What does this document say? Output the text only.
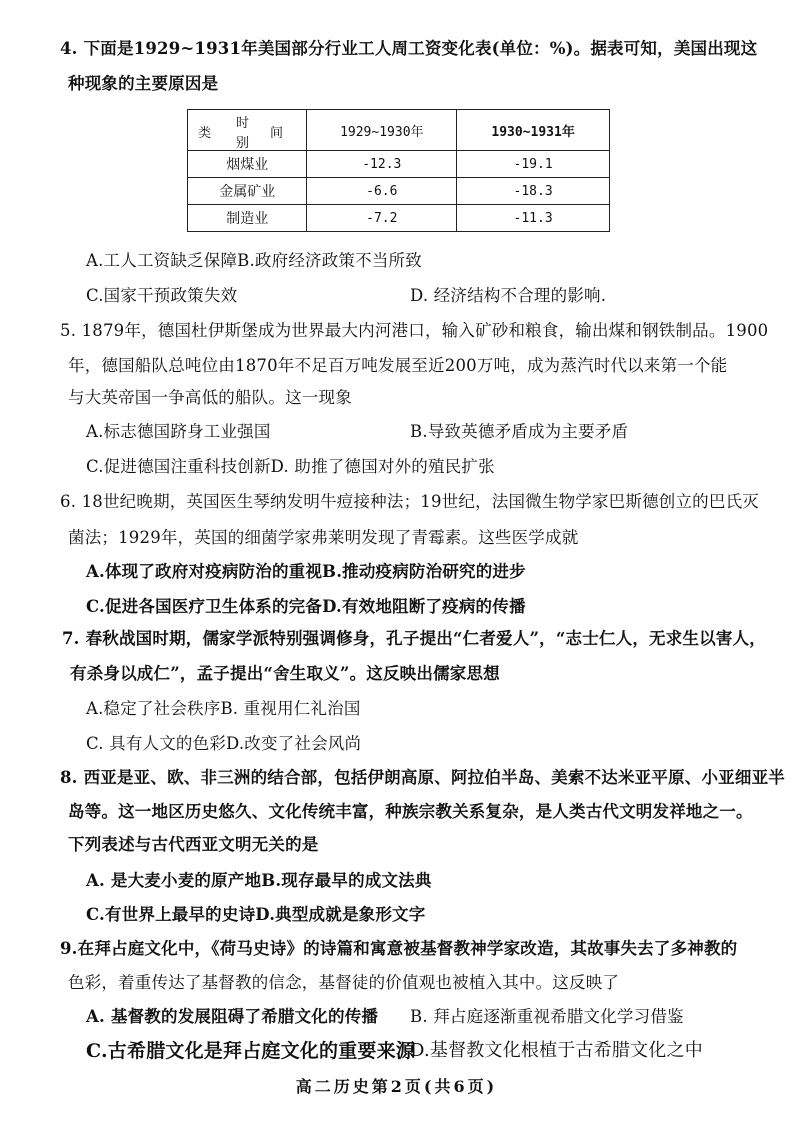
4. 下面是1929~1931年美国部分行业工人周工资变化表(单位：%)。据表可知，美国出现这
种现象的主要原因是
时
类 间
别	1929~1930年	1930~1931年
烟煤业	-12.3	-19.1
金属矿业	-6.6	-18.3
制造业	-7.2	-11.3
A.工人工资缺乏保障B.政府经济政策不当所致
C.国家干预政策失效	D. 经济结构不合理的影响.
5. 1879年，德国杜伊斯堡成为世界最大内河港口，输入矿砂和粮食，输出煤和钢铁制品。1900
年，德国船队总吨位由1870年不足百万吨发展至近200万吨，成为蒸汽时代以来第一个能
与大英帝国一争高低的船队。这一现象
A.标志德国跻身工业强国	B.导致英德矛盾成为主要矛盾
C.促进德国注重科技创新D. 助推了德国对外的殖民扩张
6. 18世纪晚期，英国医生琴纳发明牛痘接种法；19世纪，法国微生物学家巴斯德创立的巴氏灭
菌法；1929年，英国的细菌学家弗莱明发现了青霉素。这些医学成就
A.体现了政府对疫病防治的重视B.推动疫病防治研究的进步
C.促进各国医疗卫生体系的完备D.有效地阻断了疫病的传播
7. 春秋战国时期，儒家学派特别强调修身，孔子提出“仁者爱人”，“志士仁人，无求生以害人，
有杀身以成仁”，孟子提出“舍生取义”。这反映出儒家思想
A.稳定了社会秩序B. 重视用仁礼治国
C. 具有人文的色彩D.改变了社会风尚
8. 西亚是亚、欧、非三洲的结合部，包括伊朗高原、阿拉伯半岛、美索不达米亚平原、小亚细亚半
岛等。这一地区历史悠久、文化传统丰富，种族宗教关系复杂，是人类古代文明发祥地之一。
下列表述与古代西亚文明无关的是
A. 是大麦小麦的原产地B.现存最早的成文法典
C.有世界上最早的史诗D.典型成就是象形文字
9.在拜占庭文化中，《荷马史诗》的诗篇和寓意被基督教神学家改造，其故事失去了多神教的
色彩，着重传达了基督教的信念，基督徒的价值观也被植入其中。这反映了
A. 基督教的发展阻碍了希腊文化的传播 B. 拜占庭逐渐重视希腊文化学习借鉴
C.古希腊文化是拜占庭文化的重要来源
D.基督教文化根植于古希腊文化之中
高二历史第2页(共6页)
